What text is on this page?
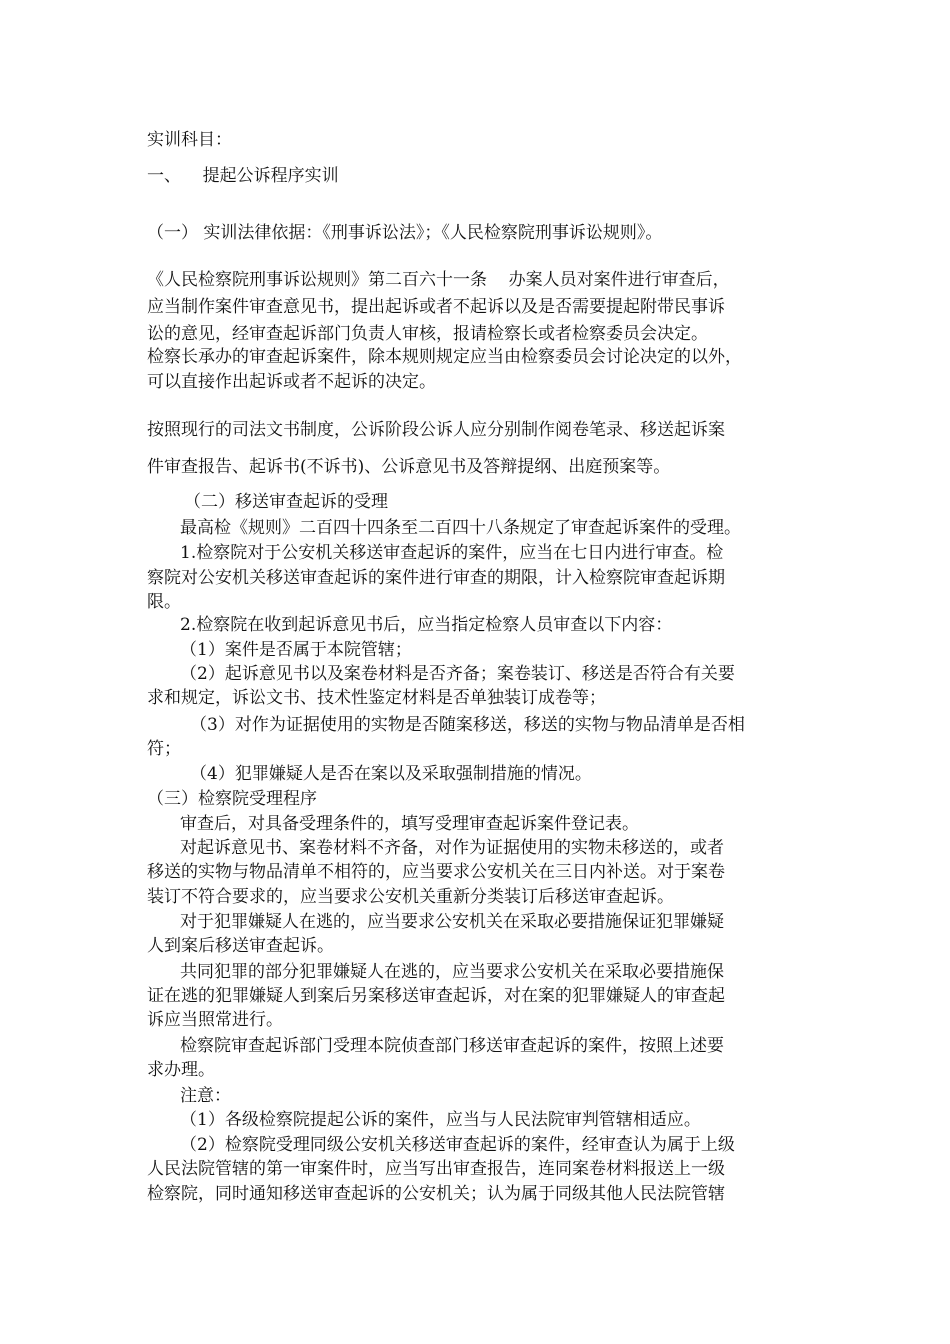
实训科目：
一、    提起公诉程序实训
（一） 实训法律依据：《刑事诉讼法》；《人民检察院刑事诉讼规则》。
《人民检察院刑事诉讼规则》第二百六十一条    办案人员对案件进行审查后，
应当制作案件审查意见书，提出起诉或者不起诉以及是否需要提起附带民事诉
讼的意见，经审查起诉部门负责人审核，报请检察长或者检察委员会决定。
检察长承办的审查起诉案件，除本规则规定应当由检察委员会讨论决定的以外，
可以直接作出起诉或者不起诉的决定。
按照现行的司法文书制度，公诉阶段公诉人应分别制作阅卷笔录、移送起诉案
件审查报告、起诉书(不诉书)、公诉意见书及答辩提纲、出庭预案等。
（二）移送审查起诉的受理
最高检《规则》二百四十四条至二百四十八条规定了审查起诉案件的受理。
1.检察院对于公安机关移送审查起诉的案件，应当在七日内进行审查。检
察院对公安机关移送审查起诉的案件进行审查的期限，计入检察院审查起诉期
限。
2.检察院在收到起诉意见书后，应当指定检察人员审查以下内容：
（1）案件是否属于本院管辖；
（2）起诉意见书以及案卷材料是否齐备；案卷装订、移送是否符合有关要
求和规定，诉讼文书、技术性鉴定材料是否单独装订成卷等；
（3）对作为证据使用的实物是否随案移送，移送的实物与物品清单是否相
符；
（4）犯罪嫌疑人是否在案以及采取强制措施的情况。
（三）检察院受理程序
审查后，对具备受理条件的，填写受理审查起诉案件登记表。
对起诉意见书、案卷材料不齐备，对作为证据使用的实物未移送的，或者
移送的实物与物品清单不相符的，应当要求公安机关在三日内补送。对于案卷
装订不符合要求的，应当要求公安机关重新分类装订后移送审查起诉。
对于犯罪嫌疑人在逃的，应当要求公安机关在采取必要措施保证犯罪嫌疑
人到案后移送审查起诉。
共同犯罪的部分犯罪嫌疑人在逃的，应当要求公安机关在采取必要措施保
证在逃的犯罪嫌疑人到案后另案移送审查起诉，对在案的犯罪嫌疑人的审查起
诉应当照常进行。
检察院审查起诉部门受理本院侦查部门移送审查起诉的案件，按照上述要
求办理。
注意：
（1）各级检察院提起公诉的案件，应当与人民法院审判管辖相适应。
（2）检察院受理同级公安机关移送审查起诉的案件，经审查认为属于上级
人民法院管辖的第一审案件时，应当写出审查报告，连同案卷材料报送上一级
检察院，同时通知移送审查起诉的公安机关；认为属于同级其他人民法院管辖
